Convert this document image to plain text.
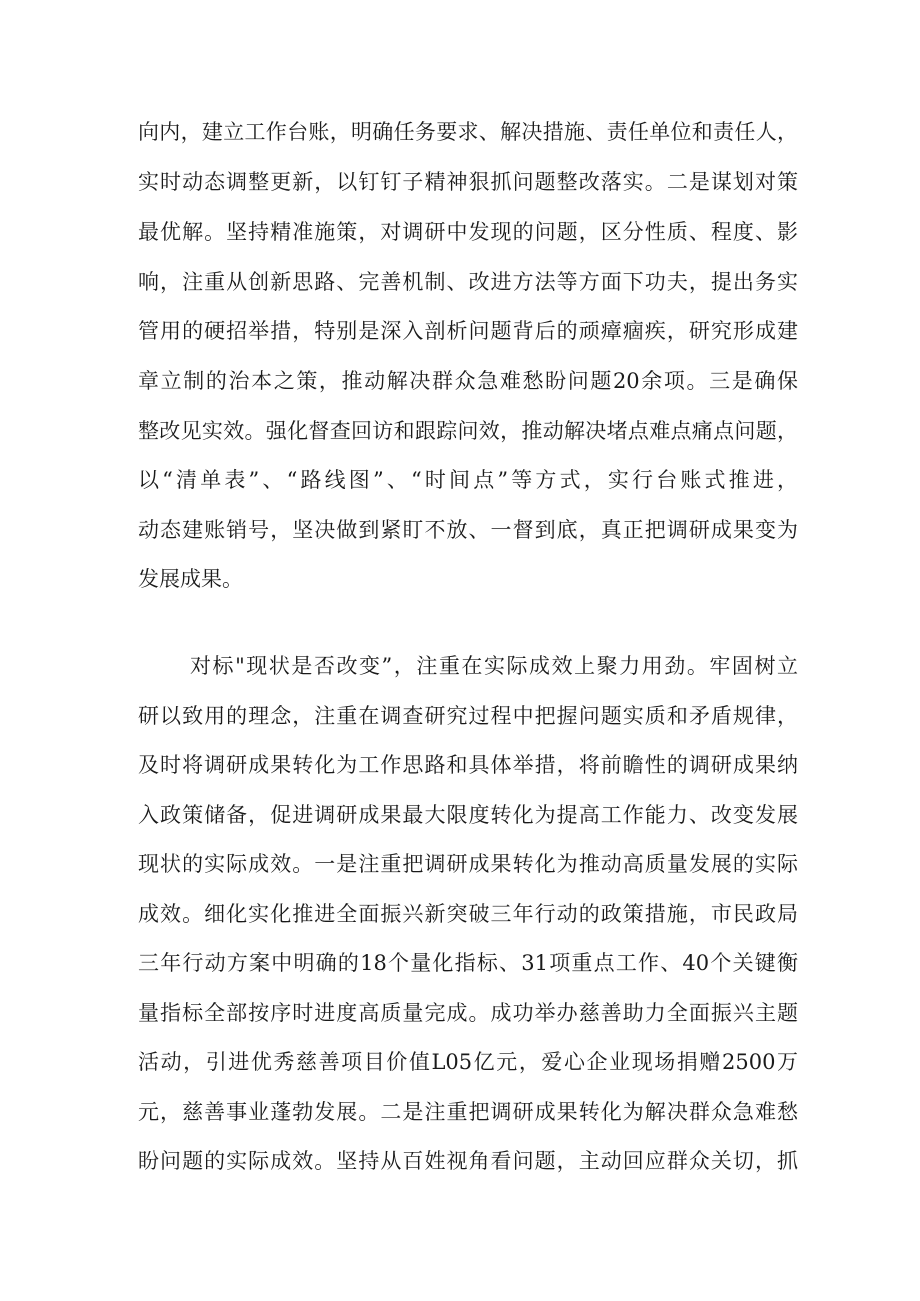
向内，建立工作台账，明确任务要求、解决措施、责任单位和责任人，
实时动态调整更新，以钉钉子精神狠抓问题整改落实。二是谋划对策
最优解。坚持精准施策，对调研中发现的问题，区分性质、程度、影
响，注重从创新思路、完善机制、改进方法等方面下功夫，提出务实
管用的硬招举措，特别是深入剖析问题背后的顽瘴痼疾，研究形成建
章立制的治本之策，推动解决群众急难愁盼问题20余项。三是确保
整改见实效。强化督查回访和跟踪问效，推动解决堵点难点痛点问题，
以“清单表”、“路线图”、“时间点”等方式，实行台账式推进，
动态建账销号，坚决做到紧盯不放、一督到底，真正把调研成果变为
发展成果。
对标"现状是否改变”，注重在实际成效上聚力用劲。牢固树立
研以致用的理念，注重在调查研究过程中把握问题实质和矛盾规律，
及时将调研成果转化为工作思路和具体举措，将前瞻性的调研成果纳
入政策储备，促进调研成果最大限度转化为提高工作能力、改变发展
现状的实际成效。一是注重把调研成果转化为推动高质量发展的实际
成效。细化实化推进全面振兴新突破三年行动的政策措施，市民政局
三年行动方案中明确的18个量化指标、31项重点工作、40个关键衡
量指标全部按序时进度高质量完成。成功举办慈善助力全面振兴主题
活动，引进优秀慈善项目价值L05亿元，爱心企业现场捐赠2500万
元，慈善事业蓬勃发展。二是注重把调研成果转化为解决群众急难愁
盼问题的实际成效。坚持从百姓视角看问题，主动回应群众关切，抓
